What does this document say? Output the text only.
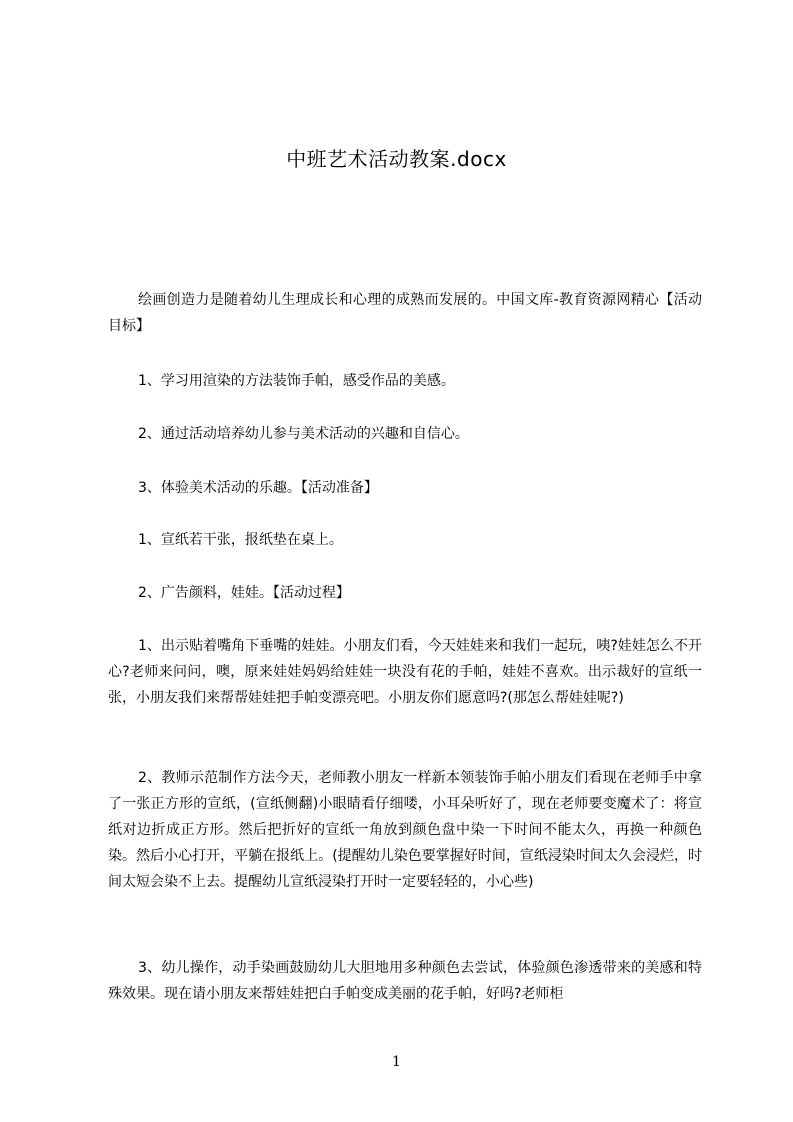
中班艺术活动教案.docx
绘画创造力是随着幼儿生理成长和心理的成熟而发展的。中国文库-教育资源网精心【活动目标】
1、学习用渲染的方法装饰手帕，感受作品的美感。
2、通过活动培养幼儿参与美术活动的兴趣和自信心。
3、体验美术活动的乐趣。【活动准备】
1、宣纸若干张，报纸垫在桌上。
2、广告颜料，娃娃。【活动过程】
1、出示贴着嘴角下垂嘴的娃娃。小朋友们看，今天娃娃来和我们一起玩，咦?娃娃怎么不开心?老师来问问，噢，原来娃娃妈妈给娃娃一块没有花的手帕，娃娃不喜欢。出示裁好的宣纸一张，小朋友我们来帮帮娃娃把手帕变漂亮吧。小朋友你们愿意吗?(那怎么帮娃娃呢?)
2、教师示范制作方法今天，老师教小朋友一样新本领装饰手帕小朋友们看现在老师手中拿了一张正方形的宣纸，(宣纸侧翻)小眼睛看仔细喽，小耳朵听好了，现在老师要变魔术了：将宣纸对边折成正方形。然后把折好的宣纸一角放到颜色盘中染一下时间不能太久，再换一种颜色染。然后小心打开，平躺在报纸上。(提醒幼儿染色要掌握好时间，宣纸浸染时间太久会浸烂，时间太短会染不上去。提醒幼儿宣纸浸染打开时一定要轻轻的，小心些)
3、幼儿操作，动手染画鼓励幼儿大胆地用多种颜色去尝试，体验颜色渗透带来的美感和特殊效果。现在请小朋友来帮娃娃把白手帕变成美丽的花手帕，好吗?老师柜
1
